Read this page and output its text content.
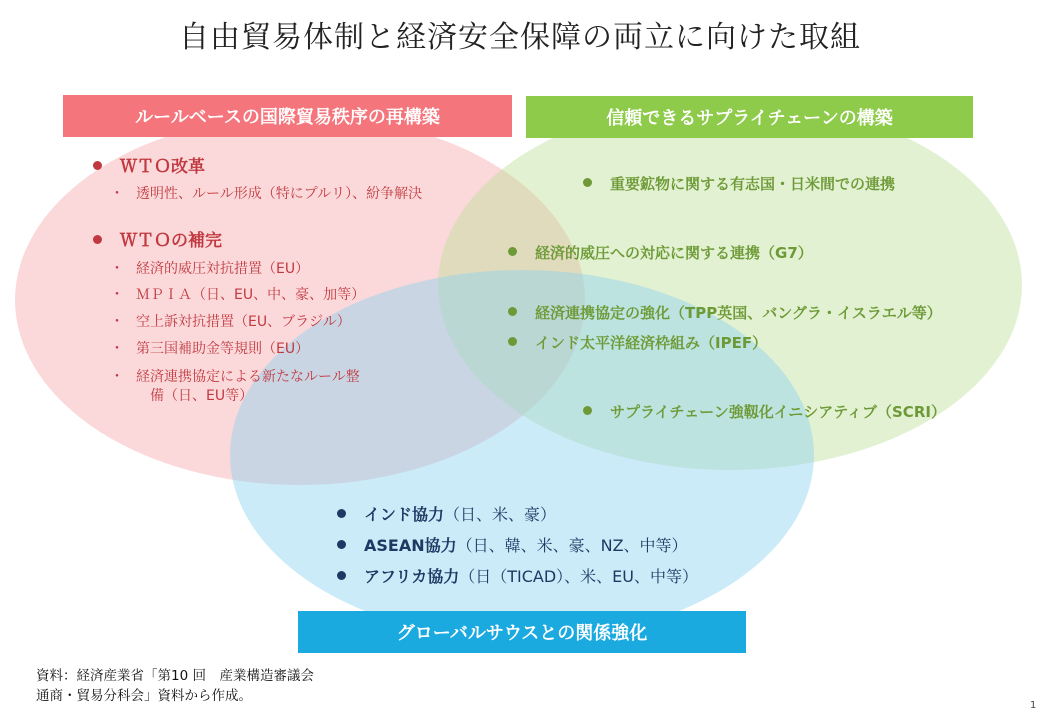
自由貿易体制と経済安全保障の両立に向けた取組
ルールベースの国際貿易秩序の再構築	信頼できるサプライチェーンの構築
ＷＴＯ改革
・ 透明性、ルール形成（特にプルリ）、紛争解決
ＷＴＯの補完
・ 経済的威圧対抗措置（EU）
・ ＭＰＩＡ（日、EU、中、豪、加等）
・ 空上訴対抗措置（EU、ブラジル）
・ 第三国補助金等規則（EU）
・ 経済連携協定による新たなルール整
備（日、EU等）
重要鉱物に関する有志国・日米間での連携
経済的威圧への対応に関する連携（G7）
経済連携協定の強化（TPP英国、バングラ・イスラエル等）
インド太平洋経済枠組み（IPEF）
サプライチェーン強靱化イニシアティブ（SCRI）
インド協力（日、米、豪）
ASEAN協力（日、韓、米、豪、NZ、中等）
アフリカ協力（日（TICAD）、米、EU、中等）
グローバルサウスとの関係強化
資料：経済産業省「第10 回　産業構造審議会
通商・貿易分科会」資料から作成。
1
